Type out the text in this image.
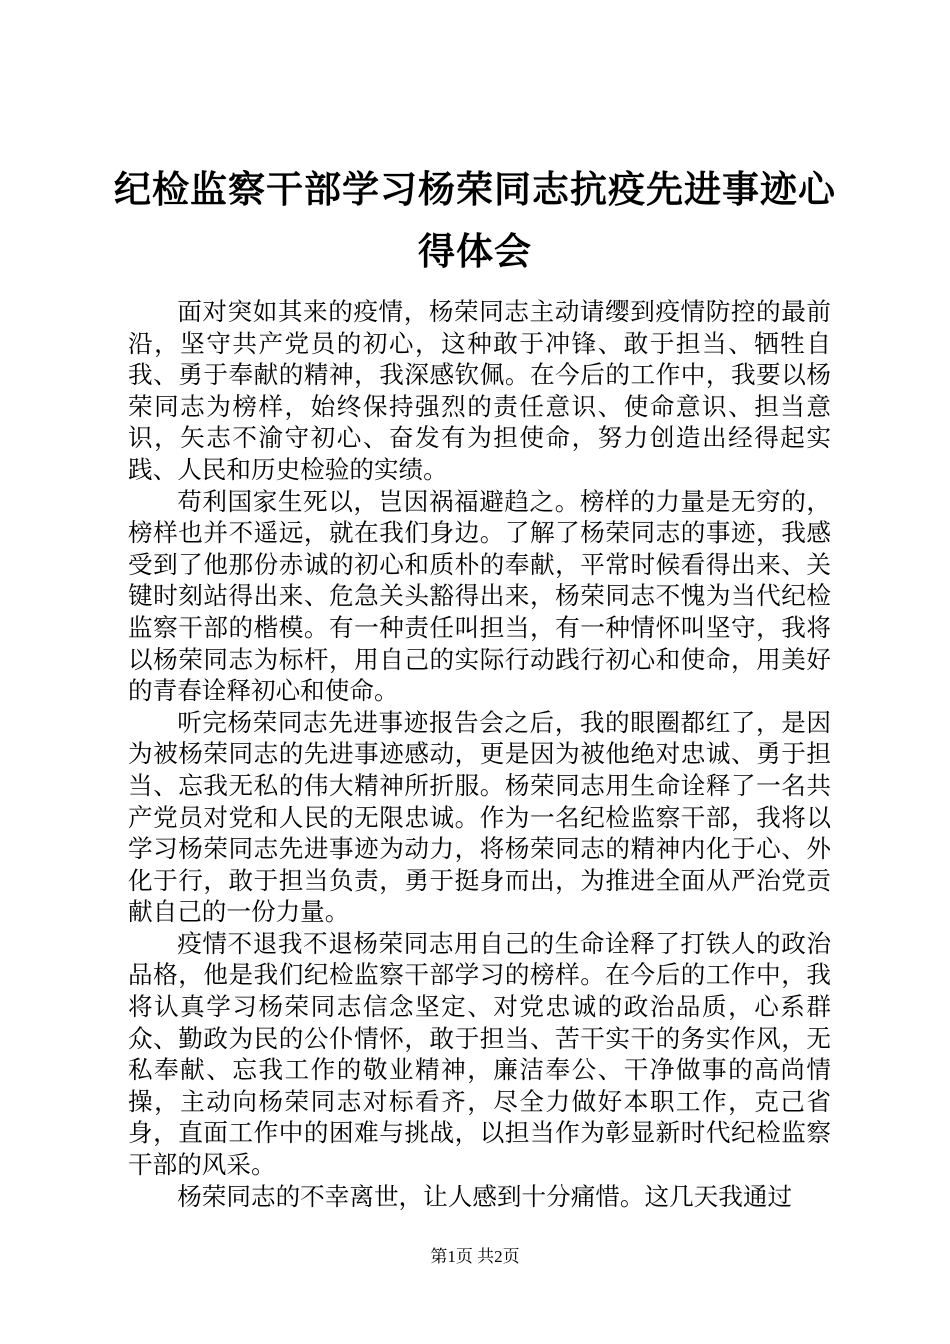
纪检监察干部学习杨荣同志抗疫先进事迹心得体会

面对突如其来的疫情，杨荣同志主动请缨到疫情防控的最前沿，坚守共产党员的初心，这种敢于冲锋、敢于担当、牺牲自我、勇于奉献的精神，我深感钦佩。在今后的工作中，我要以杨荣同志为榜样，始终保持强烈的责任意识、使命意识、担当意识，矢志不渝守初心、奋发有为担使命，努力创造出经得起实践、人民和历史检验的实绩。

苟利国家生死以，岂因祸福避趋之。榜样的力量是无穷的，榜样也并不遥远，就在我们身边。了解了杨荣同志的事迹，我感受到了他那份赤诚的初心和质朴的奉献，平常时候看得出来、关键时刻站得出来、危急关头豁得出来，杨荣同志不愧为当代纪检监察干部的楷模。有一种责任叫担当，有一种情怀叫坚守，我将以杨荣同志为标杆，用自己的实际行动践行初心和使命，用美好的青春诠释初心和使命。

听完杨荣同志先进事迹报告会之后，我的眼圈都红了，是因为被杨荣同志的先进事迹感动，更是因为被他绝对忠诚、勇于担当、忘我无私的伟大精神所折服。杨荣同志用生命诠释了一名共产党员对党和人民的无限忠诚。作为一名纪检监察干部，我将以学习杨荣同志先进事迹为动力，将杨荣同志的精神内化于心、外化于行，敢于担当负责，勇于挺身而出，为推进全面从严治党贡献自己的一份力量。

疫情不退我不退杨荣同志用自己的生命诠释了打铁人的政治品格，他是我们纪检监察干部学习的榜样。在今后的工作中，我将认真学习杨荣同志信念坚定、对党忠诚的政治品质，心系群众、勤政为民的公仆情怀，敢于担当、苦干实干的务实作风，无私奉献、忘我工作的敬业精神，廉洁奉公、干净做事的高尚情操，主动向杨荣同志对标看齐，尽全力做好本职工作，克己省身，直面工作中的困难与挑战，以担当作为彰显新时代纪检监察干部的风采。

杨荣同志的不幸离世，让人感到十分痛惜。这几天我通过

第1页 共2页
